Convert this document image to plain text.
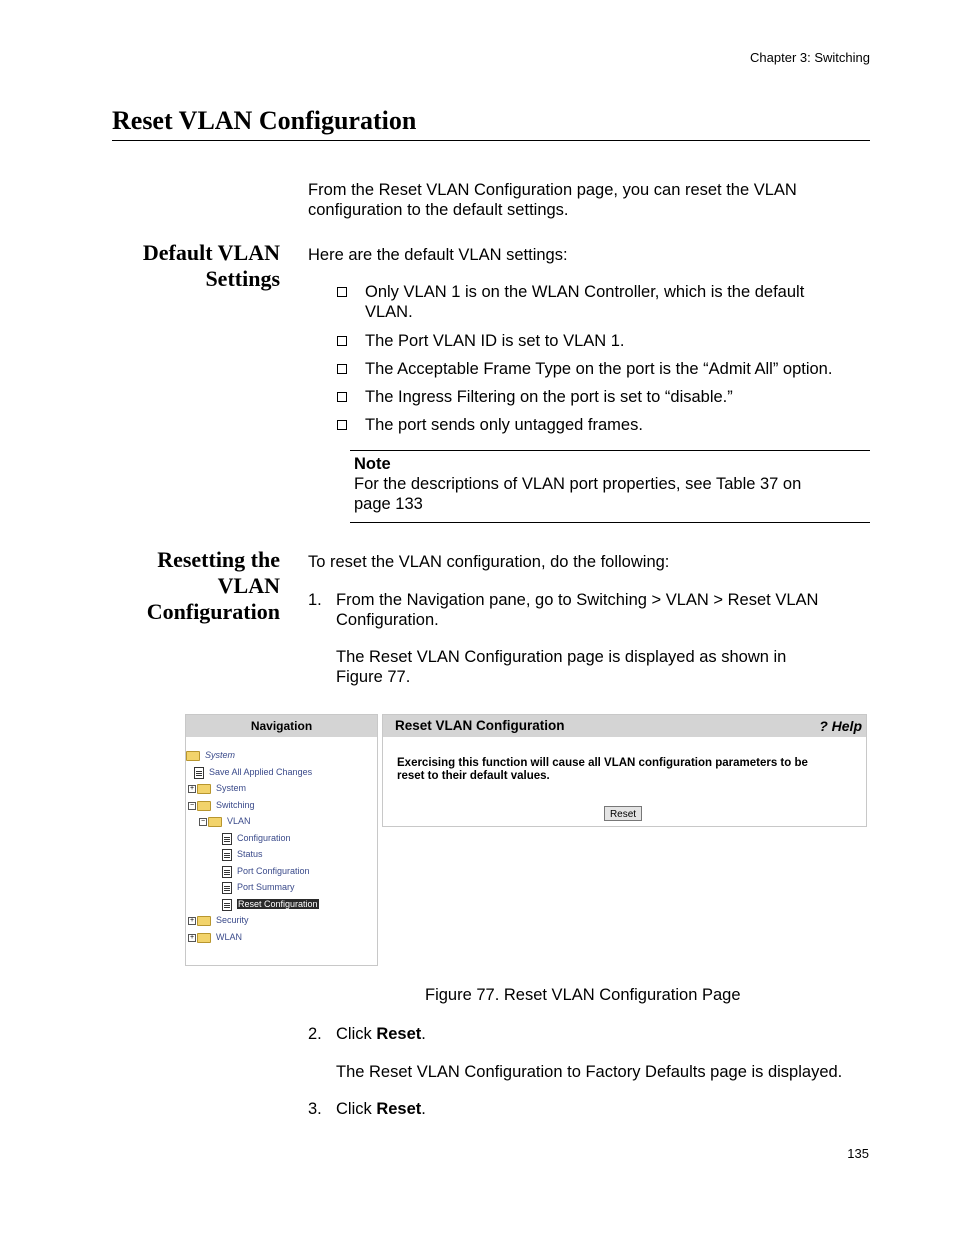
Chapter 3: Switching
Reset VLAN Configuration
From the Reset VLAN Configuration page, you can reset the VLAN
configuration to the default settings.
Default VLAN
Settings
Here are the default VLAN settings:
Only VLAN 1 is on the WLAN Controller, which is the default
VLAN.
The Port VLAN ID is set to VLAN 1.
The Acceptable Frame Type on the port is the “Admit All” option.
The Ingress Filtering on the port is set to “disable.”
The port sends only untagged frames.
Note
For the descriptions of VLAN port properties, see Table 37 on
page 133
Resetting the
VLAN
Configuration
To reset the VLAN configuration, do the following:
1. From the Navigation pane, go to Switching > VLAN > Reset VLAN
Configuration.
The Reset VLAN Configuration page is displayed as shown in
Figure 77.
Navigation
System
Save All Applied Changes
+ System
− Switching
− VLAN
Configuration
Status
Port Configuration
Port Summary
Reset Configuration
+ Security
+ WLAN
Reset VLAN Configuration	? Help
Exercising this function will cause all VLAN configuration parameters to be reset to their default values.
Reset
Figure 77. Reset VLAN Configuration Page
2. Click Reset.
The Reset VLAN Configuration to Factory Defaults page is displayed.
3. Click Reset.
135
